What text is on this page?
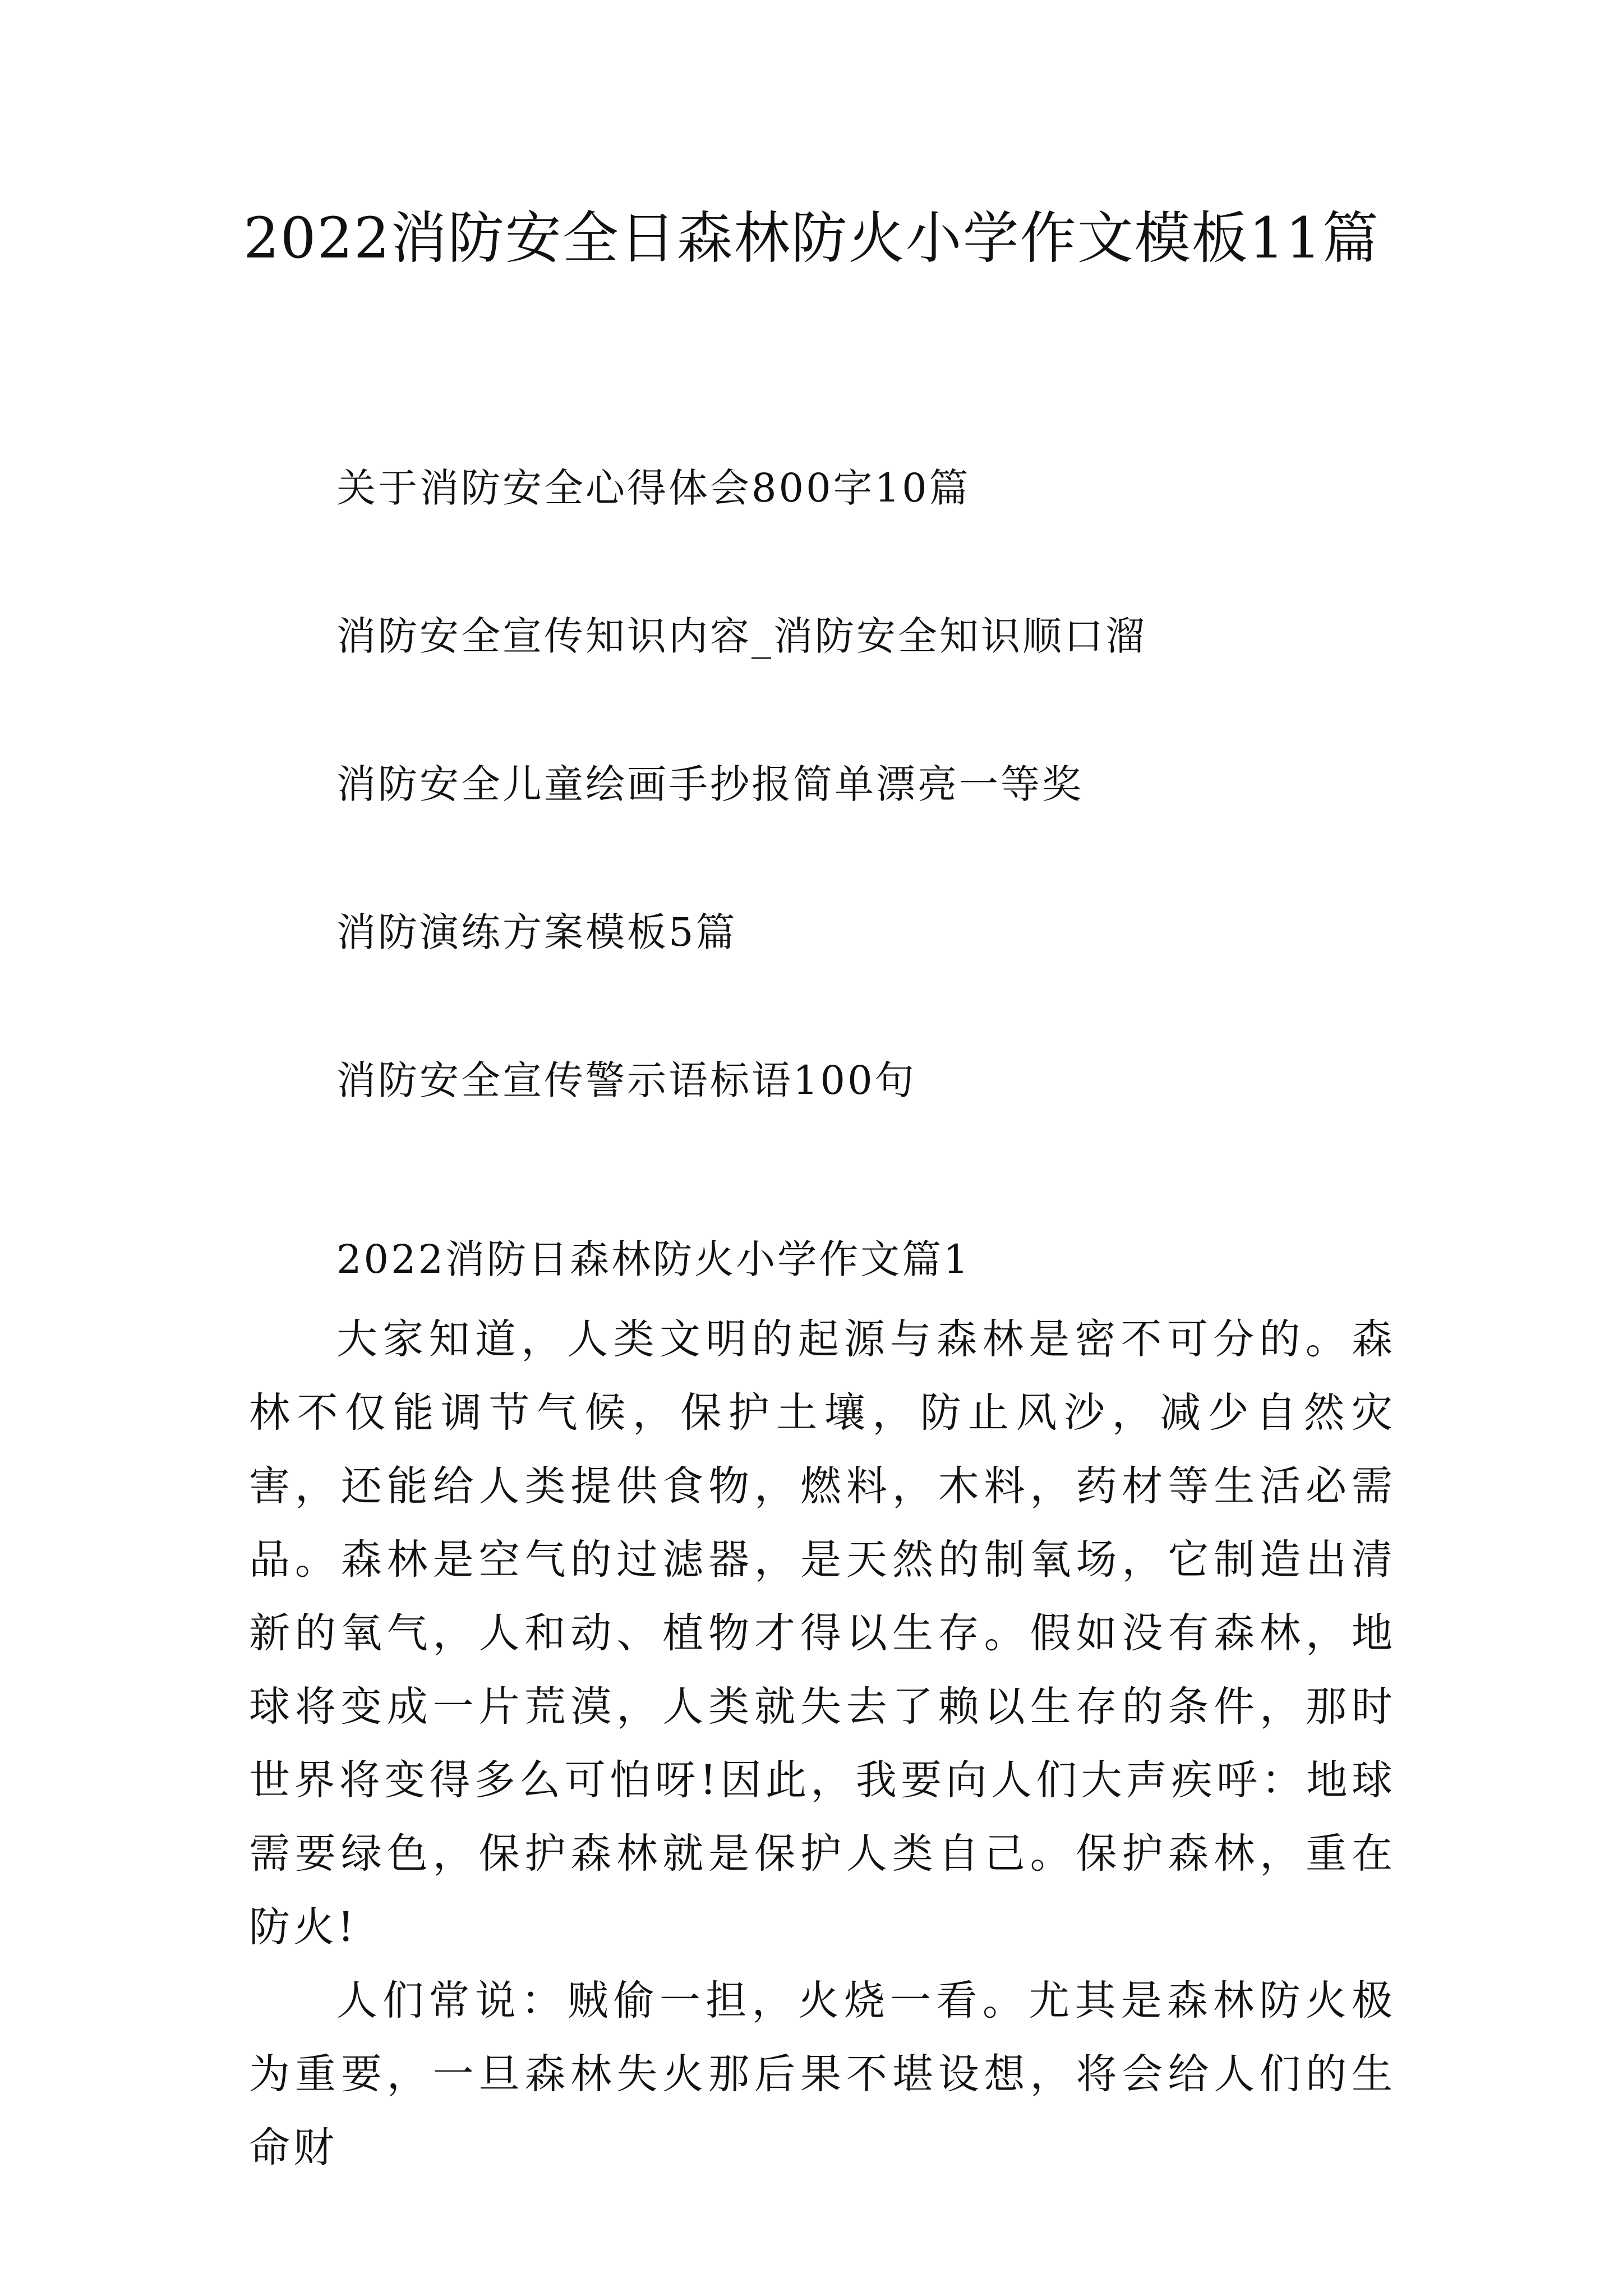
2022消防安全日森林防火小学作文模板11篇
关于消防安全心得体会800字10篇
消防安全宣传知识内容_消防安全知识顺口溜
消防安全儿童绘画手抄报简单漂亮一等奖
消防演练方案模板5篇
消防安全宣传警示语标语100句

2022消防日森林防火小学作文篇1

大家知道，人类文明的起源与森林是密不可分的。森林不仅能调节气候，保护土壤，防止风沙，减少自然灾害，还能给人类提供食物，燃料，木料，药材等生活必需品。森林是空气的过滤器，是天然的制氧场，它制造出清新的氧气，人和动、植物才得以生存。假如没有森林，地球将变成一片荒漠，人类就失去了赖以生存的条件，那时世界将变得多么可怕呀!因此，我要向人们大声疾呼：地球需要绿色，保护森林就是保护人类自己。保护森林，重在防火!

人们常说：贼偷一担，火烧一看。尤其是森林防火极为重要，一旦森林失火那后果不堪设想，将会给人们的生命财
